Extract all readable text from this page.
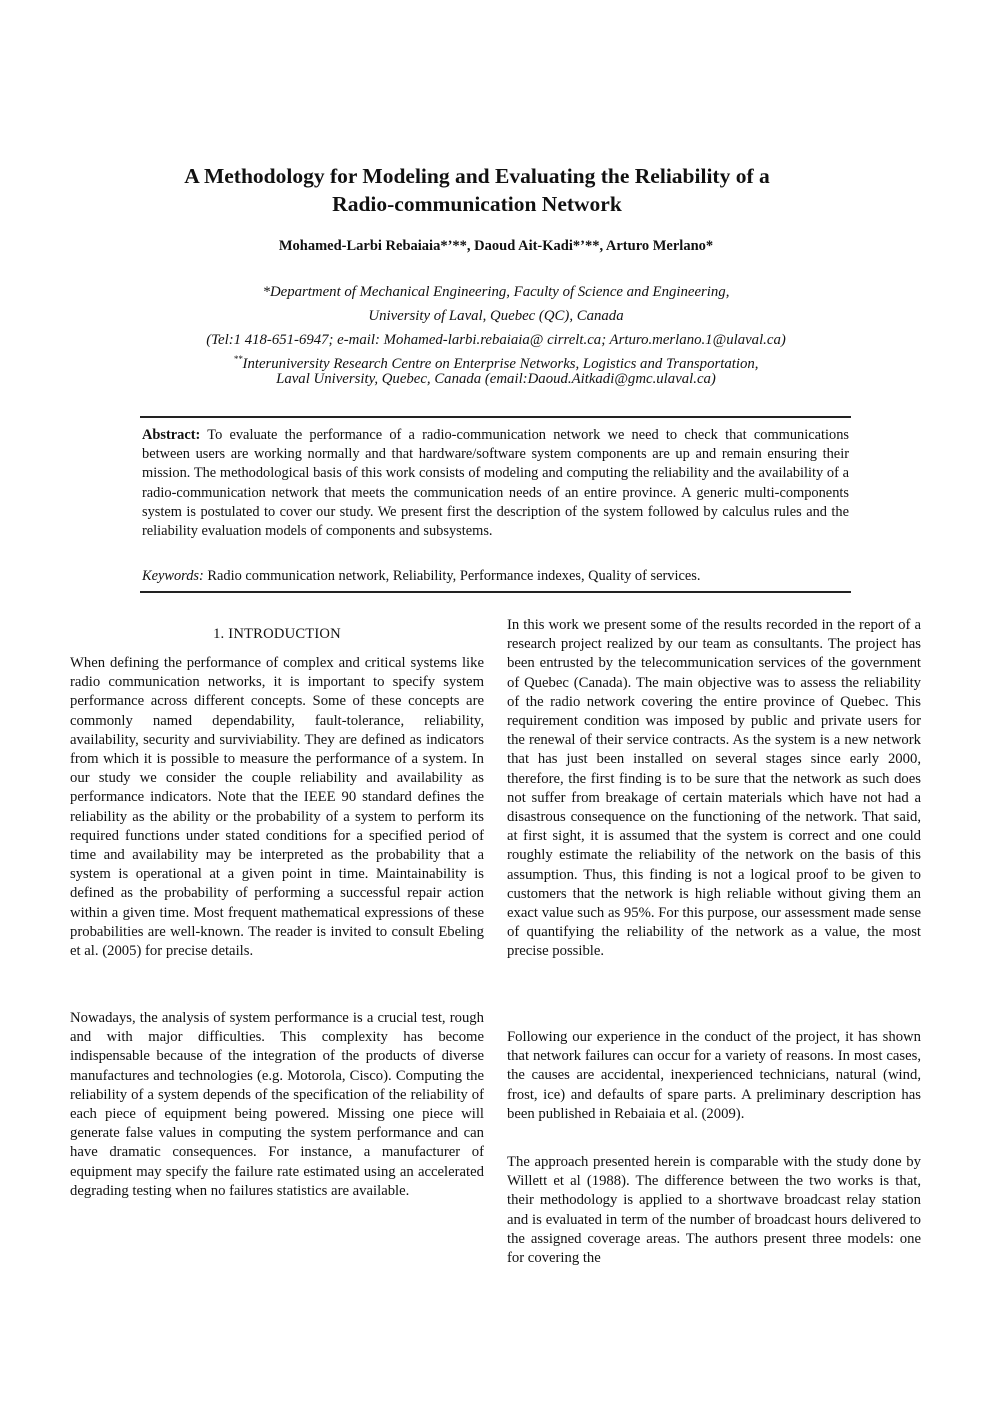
A Methodology for Modeling and Evaluating the Reliability of a
Radio-communication Network
Mohamed-Larbi Rebaiaia*’**, Daoud Ait-Kadi*’**, Arturo Merlano*
*Department of Mechanical Engineering, Faculty of Science and Engineering,
University of Laval, Quebec (QC), Canada
(Tel:1 418-651-6947; e-mail: Mohamed-larbi.rebaiaia@ cirrelt.ca; Arturo.merlano.1@ulaval.ca)
**Interuniversity Research Centre on Enterprise Networks, Logistics and Transportation,
Laval University, Quebec, Canada (email:Daoud.Aitkadi@gmc.ulaval.ca)
Abstract: To evaluate the performance of a radio-communication network we need to check that communications between users are working normally and that hardware/software system components are up and remain ensuring their mission. The methodological basis of this work consists of modeling and computing the reliability and the availability of a radio-communication network that meets the communication needs of an entire province. A generic multi-components system is postulated to cover our study. We present first the description of the system followed by calculus rules and the reliability evaluation models of components and subsystems.
Keywords: Radio communication network, Reliability, Performance indexes, Quality of services.
1. INTRODUCTION
When defining the performance of complex and critical systems like radio communication networks, it is important to specify system performance across different concepts. Some of these concepts are commonly named dependability, fault-tolerance, reliability, availability, security and surviviability. They are defined as indicators from which it is possible to measure the performance of a system. In our study we consider the couple reliability and availability as performance indicators. Note that the IEEE 90 standard defines the reliability as the ability or the probability of a system to perform its required functions under stated conditions for a specified period of time and availability may be interpreted as the probability that a system is operational at a given point in time. Maintainability is defined as the probability of performing a successful repair action within a given time. Most frequent mathematical expressions of these probabilities are well-known. The reader is invited to consult Ebeling et al. (2005) for precise details.
Nowadays, the analysis of system performance is a crucial test, rough and with major difficulties. This complexity has become indispensable because of the integration of the products of diverse manufactures and technologies (e.g. Motorola, Cisco). Computing the reliability of a system depends of the specification of the reliability of each piece of equipment being powered. Missing one piece will generate false values in computing the system performance and can have dramatic consequences. For instance, a manufacturer of equipment may specify the failure rate estimated using an accelerated degrading testing when no failures statistics are available.
In this work we present some of the results recorded in the report of a research project realized by our team as consultants. The project has been entrusted by the telecommunication services of the government of Quebec (Canada). The main objective was to assess the reliability of the radio network covering the entire province of Quebec. This requirement condition was imposed by public and private users for the renewal of their service contracts. As the system is a new network that has just been installed on several stages since early 2000, therefore, the first finding is to be sure that the network as such does not suffer from breakage of certain materials which have not had a disastrous consequence on the functioning of the network. That said, at first sight, it is assumed that the system is correct and one could roughly estimate the reliability of the network on the basis of this assumption. Thus, this finding is not a logical proof to be given to customers that the network is high reliable without giving them an exact value such as 95%. For this purpose, our assessment made sense of quantifying the reliability of the network as a value, the most precise possible.
Following our experience in the conduct of the project, it has shown that network failures can occur for a variety of reasons. In most cases, the causes are accidental, inexperienced technicians, natural (wind, frost, ice) and defaults of spare parts. A preliminary description has been published in Rebaiaia et al. (2009).
The approach presented herein is comparable with the study done by Willett et al (1988). The difference between the two works is that, their methodology is applied to a shortwave broadcast relay station and is evaluated in term of the number of broadcast hours delivered to the assigned coverage areas. The authors present three models: one for covering the
